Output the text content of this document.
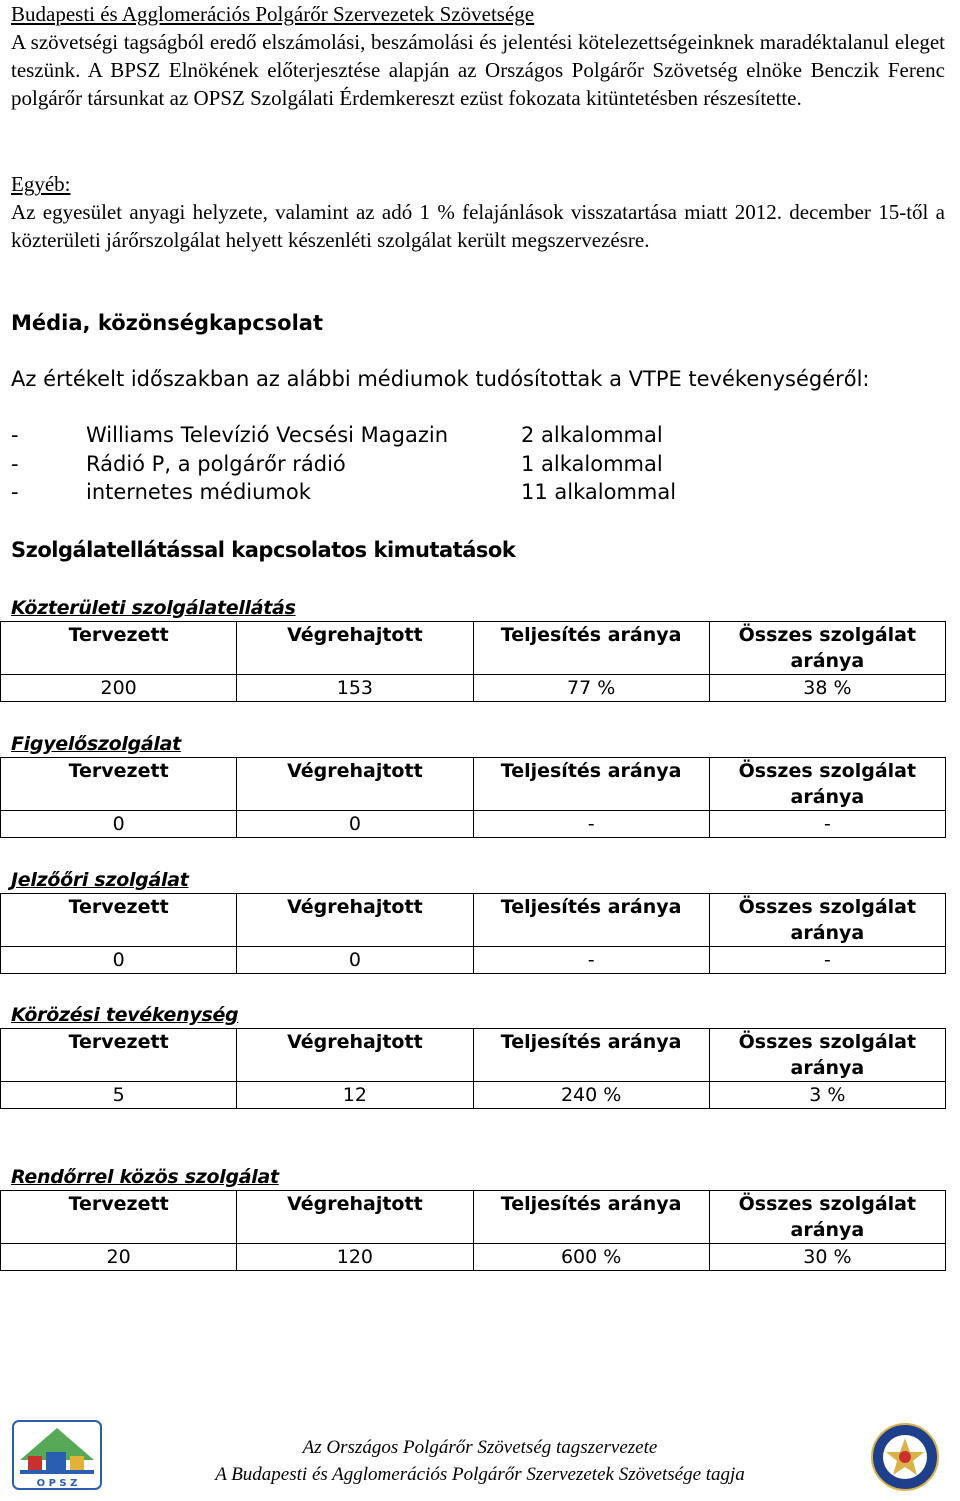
Budapesti és Agglomerációs Polgárőr Szervezetek Szövetsége

A szövetségi tagságból eredő elszámolási, beszámolási és jelentési kötelezettségeinknek maradéktalanul eleget teszünk. A BPSZ Elnökének előterjesztése alapján az Országos Polgárőr Szövetség elnöke Benczik Ferenc polgárőr társunkat az OPSZ Szolgálati Érdemkereszt ezüst fokozata kitüntetésben részesítette.

Egyéb:

Az egyesület anyagi helyzete, valamint az adó 1 % felajánlások visszatartása miatt 2012. december 15-től a közterületi járőrszolgálat helyett készenléti szolgálat került megszervezésre.

Média, közönségkapcsolat
Az értékelt időszakban az alábbi médiumok tudósítottak a VTPE tevékenységéről:
-	Williams Televízió Vecsési Magazin	2 alkalommal
-	Rádió P, a polgárőr rádió	1 alkalommal
-	internetes médiumok	11 alkalommal
Szolgálatellátással kapcsolatos kimutatások
Közterületi szolgálatellátás
Tervezett	Végrehajtott	Teljesítés aránya	Összes szolgálat aránya
200	153	77 %	38 %
Figyelőszolgálat
Tervezett	Végrehajtott	Teljesítés aránya	Összes szolgálat aránya
0	0	-	-
Jelzőőri szolgálat
Tervezett	Végrehajtott	Teljesítés aránya	Összes szolgálat aránya
0	0	-	-
Körözési tevékenység
Tervezett	Végrehajtott	Teljesítés aránya	Összes szolgálat aránya
5	12	240 %	3 %
Rendőrrel közös szolgálat
Tervezett	Végrehajtott	Teljesítés aránya	Összes szolgálat aránya
20	120	600 %	30 %
O P S Z
Az Országos Polgárőr Szövetség tagszervezete
A Budapesti és Agglomerációs Polgárőr Szervezetek Szövetsége tagja
